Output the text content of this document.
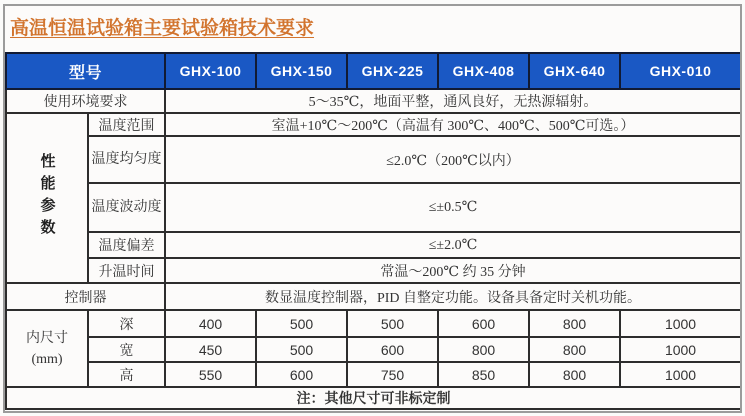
高温恒温试验箱主要试验箱技术要求
型号		GHX-100	GHX-150	GHX-225	GHX-408	GHX-640	GHX-010
使用环境要求		5～35℃，地面平整，通风良好，无热源辐射。					
性能参数	温度范围	室温+10℃～200℃（高温有 300℃、400℃、500℃可选。）					
	温度均匀度	≤2.0℃（200℃以内）					
	温度波动度	≤±0.5℃					
	温度偏差	≤±2.0℃					
	升温时间	常温～200℃ 约 35 分钟					
控制器		数显温度控制器，PID 自整定功能。设备具备定时关机功能。					

内尺寸
(mm)	深	400	500	500	600	800	1000
	宽	450	500	600	800	800	1000
	高	550	600	750	850	800	1000
注：其他尺寸可非标定制							
